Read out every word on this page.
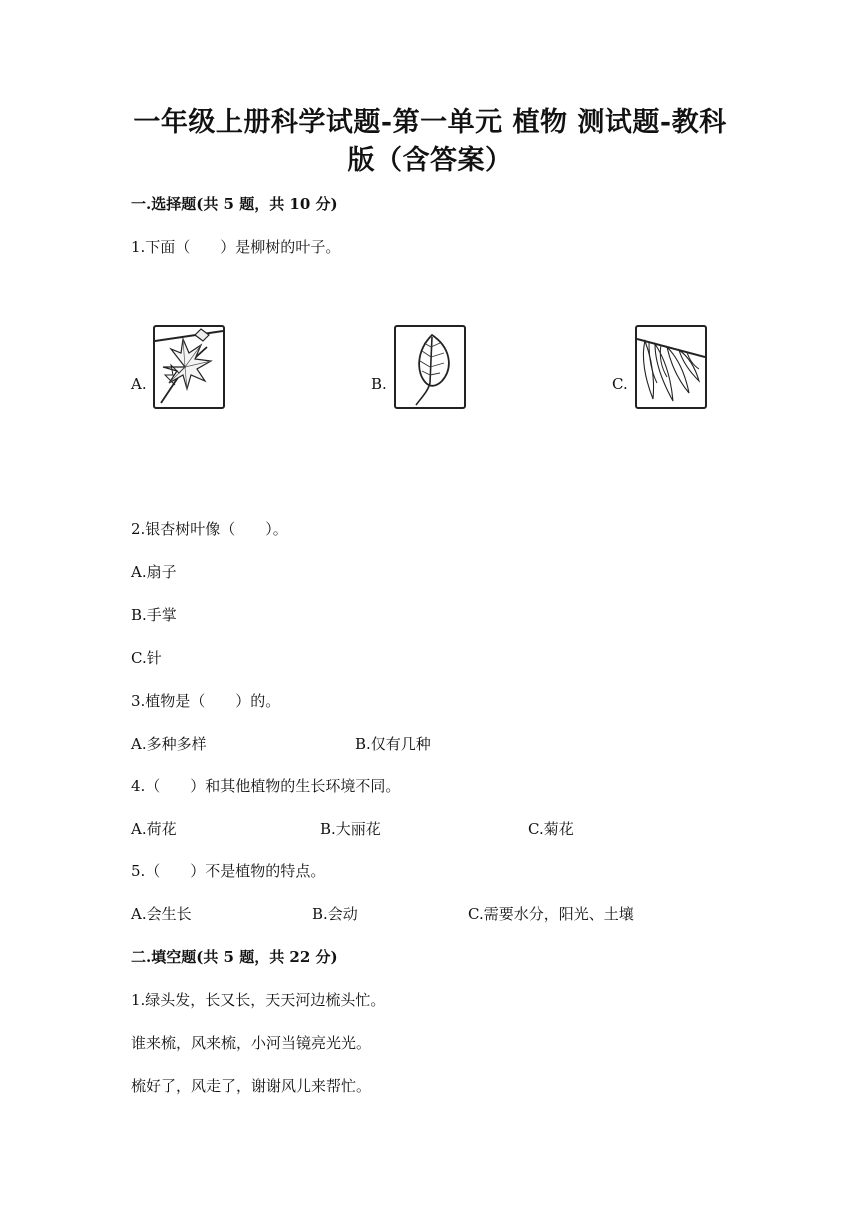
一年级上册科学试题-第一单元 植物 测试题-教科
版（含答案）
一.选择题(共 5 题，共 10 分)
1.下面（　　）是柳树的叶子。
A.	B.	C.
2.银杏树叶像（　　）。
A.扇子
B.手掌
C.针
3.植物是（　　）的。
A.多种多样	B.仅有几种
4.（　　）和其他植物的生长环境不同。
A.荷花	B.大丽花	C.菊花
5.（　　）不是植物的特点。
A.会生长	B.会动	C.需要水分，阳光、土壤
二.填空题(共 5 题，共 22 分)
1.绿头发，长又长，天天河边梳头忙。
谁来梳，风来梳，小河当镜亮光光。
梳好了，风走了，谢谢风儿来帮忙。
